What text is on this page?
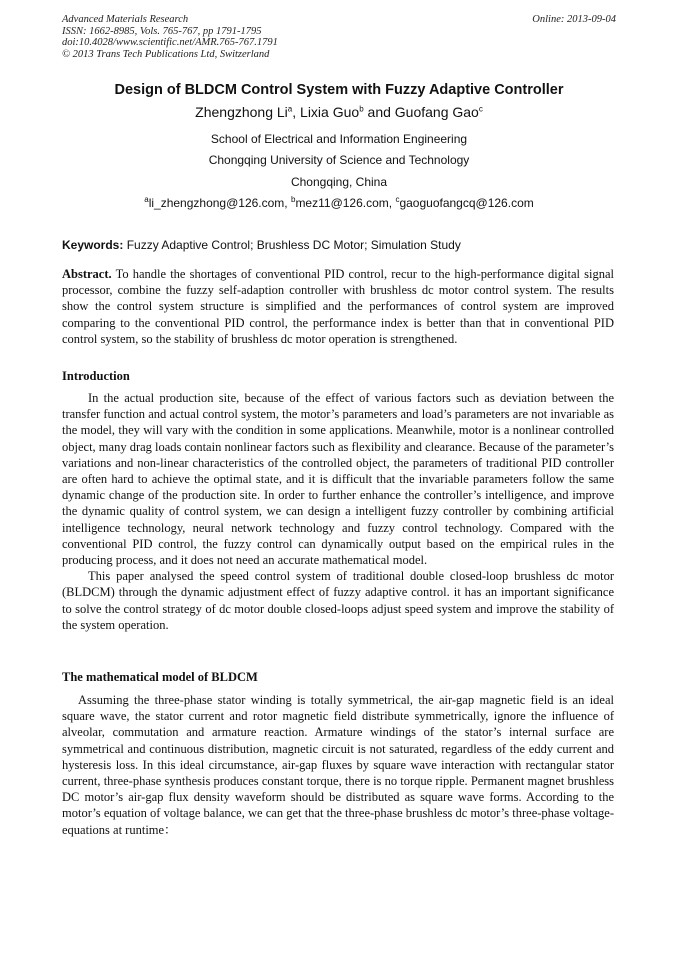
Advanced Materials Research
ISSN: 1662-8985, Vols. 765-767, pp 1791-1795
doi:10.4028/www.scientific.net/AMR.765-767.1791
© 2013 Trans Tech Publications Ltd, Switzerland
Online: 2013-09-04
Design of BLDCM Control System with Fuzzy Adaptive Controller
Zhengzhong Li$^a$, Lixia Guo$^b$ and Guofang Gao$^c$
School of Electrical and Information Engineering
Chongqing University of Science and Technology
Chongqing, China
$^a$li_zhengzhong@126.com, $^b$mez11@126.com, $^c$gaoguofangcq@126.com
Keywords: Fuzzy Adaptive Control; Brushless DC Motor; Simulation Study
Abstract. To handle the shortages of conventional PID control, recur to the high-performance digital signal processor, combine the fuzzy self-adaption controller with brushless dc motor control system. The results show the control system structure is simplified and the performances of control system are improved comparing to the conventional PID control, the performance index is better than that in conventional PID control system, so the stability of brushless dc motor operation is strengthened.
Introduction

In the actual production site, because of the effect of various factors such as deviation between the transfer function and actual control system, the motor’s parameters and load’s parameters are not invariable as the model, they will vary with the condition in some applications. Meanwhile, motor is a nonlinear controlled object, many drag loads contain nonlinear factors such as flexibility and clearance. Because of the parameter’s variations and non-linear characteristics of the controlled object, the parameters of traditional PID controller are often hard to achieve the optimal state, and it is difficult that the invariable parameters follow the same dynamic change of the production site. In order to further enhance the controller’s intelligence, and improve the dynamic quality of control system, we can design a intelligent fuzzy controller by combining artificial intelligence technology, neural network technology and fuzzy control technology. Compared with the conventional PID control, the fuzzy control can dynamically output based on the empirical rules in the producing process, and it does not need an accurate mathematical model.

This paper analysed the speed control system of traditional double closed-loop brushless dc motor (BLDCM) through the dynamic adjustment effect of fuzzy adaptive control. it has an important significance to solve the control strategy of dc motor double closed-loops adjust speed system and improve the stability of the system operation.

The mathematical model of BLDCM

Assuming the three-phase stator winding is totally symmetrical, the air-gap magnetic field is an ideal square wave, the stator current and rotor magnetic field distribute symmetrically, ignore the influence of alveolar, commutation and armature reaction. Armature windings of the stator’s internal surface are symmetrical and continuous distribution, magnetic circuit is not saturated, regardless of the eddy current and hysteresis loss. In this ideal circumstance, air-gap fluxes by square wave interaction with rectangular stator current, three-phase synthesis produces constant torque, there is no torque ripple. Permanent magnet brushless DC motor’s air-gap flux density waveform should be distributed as square wave forms. According to the motor’s equation of voltage balance, we can get that the three-phase brushless dc motor’s three-phase voltage-equations at runtime：
